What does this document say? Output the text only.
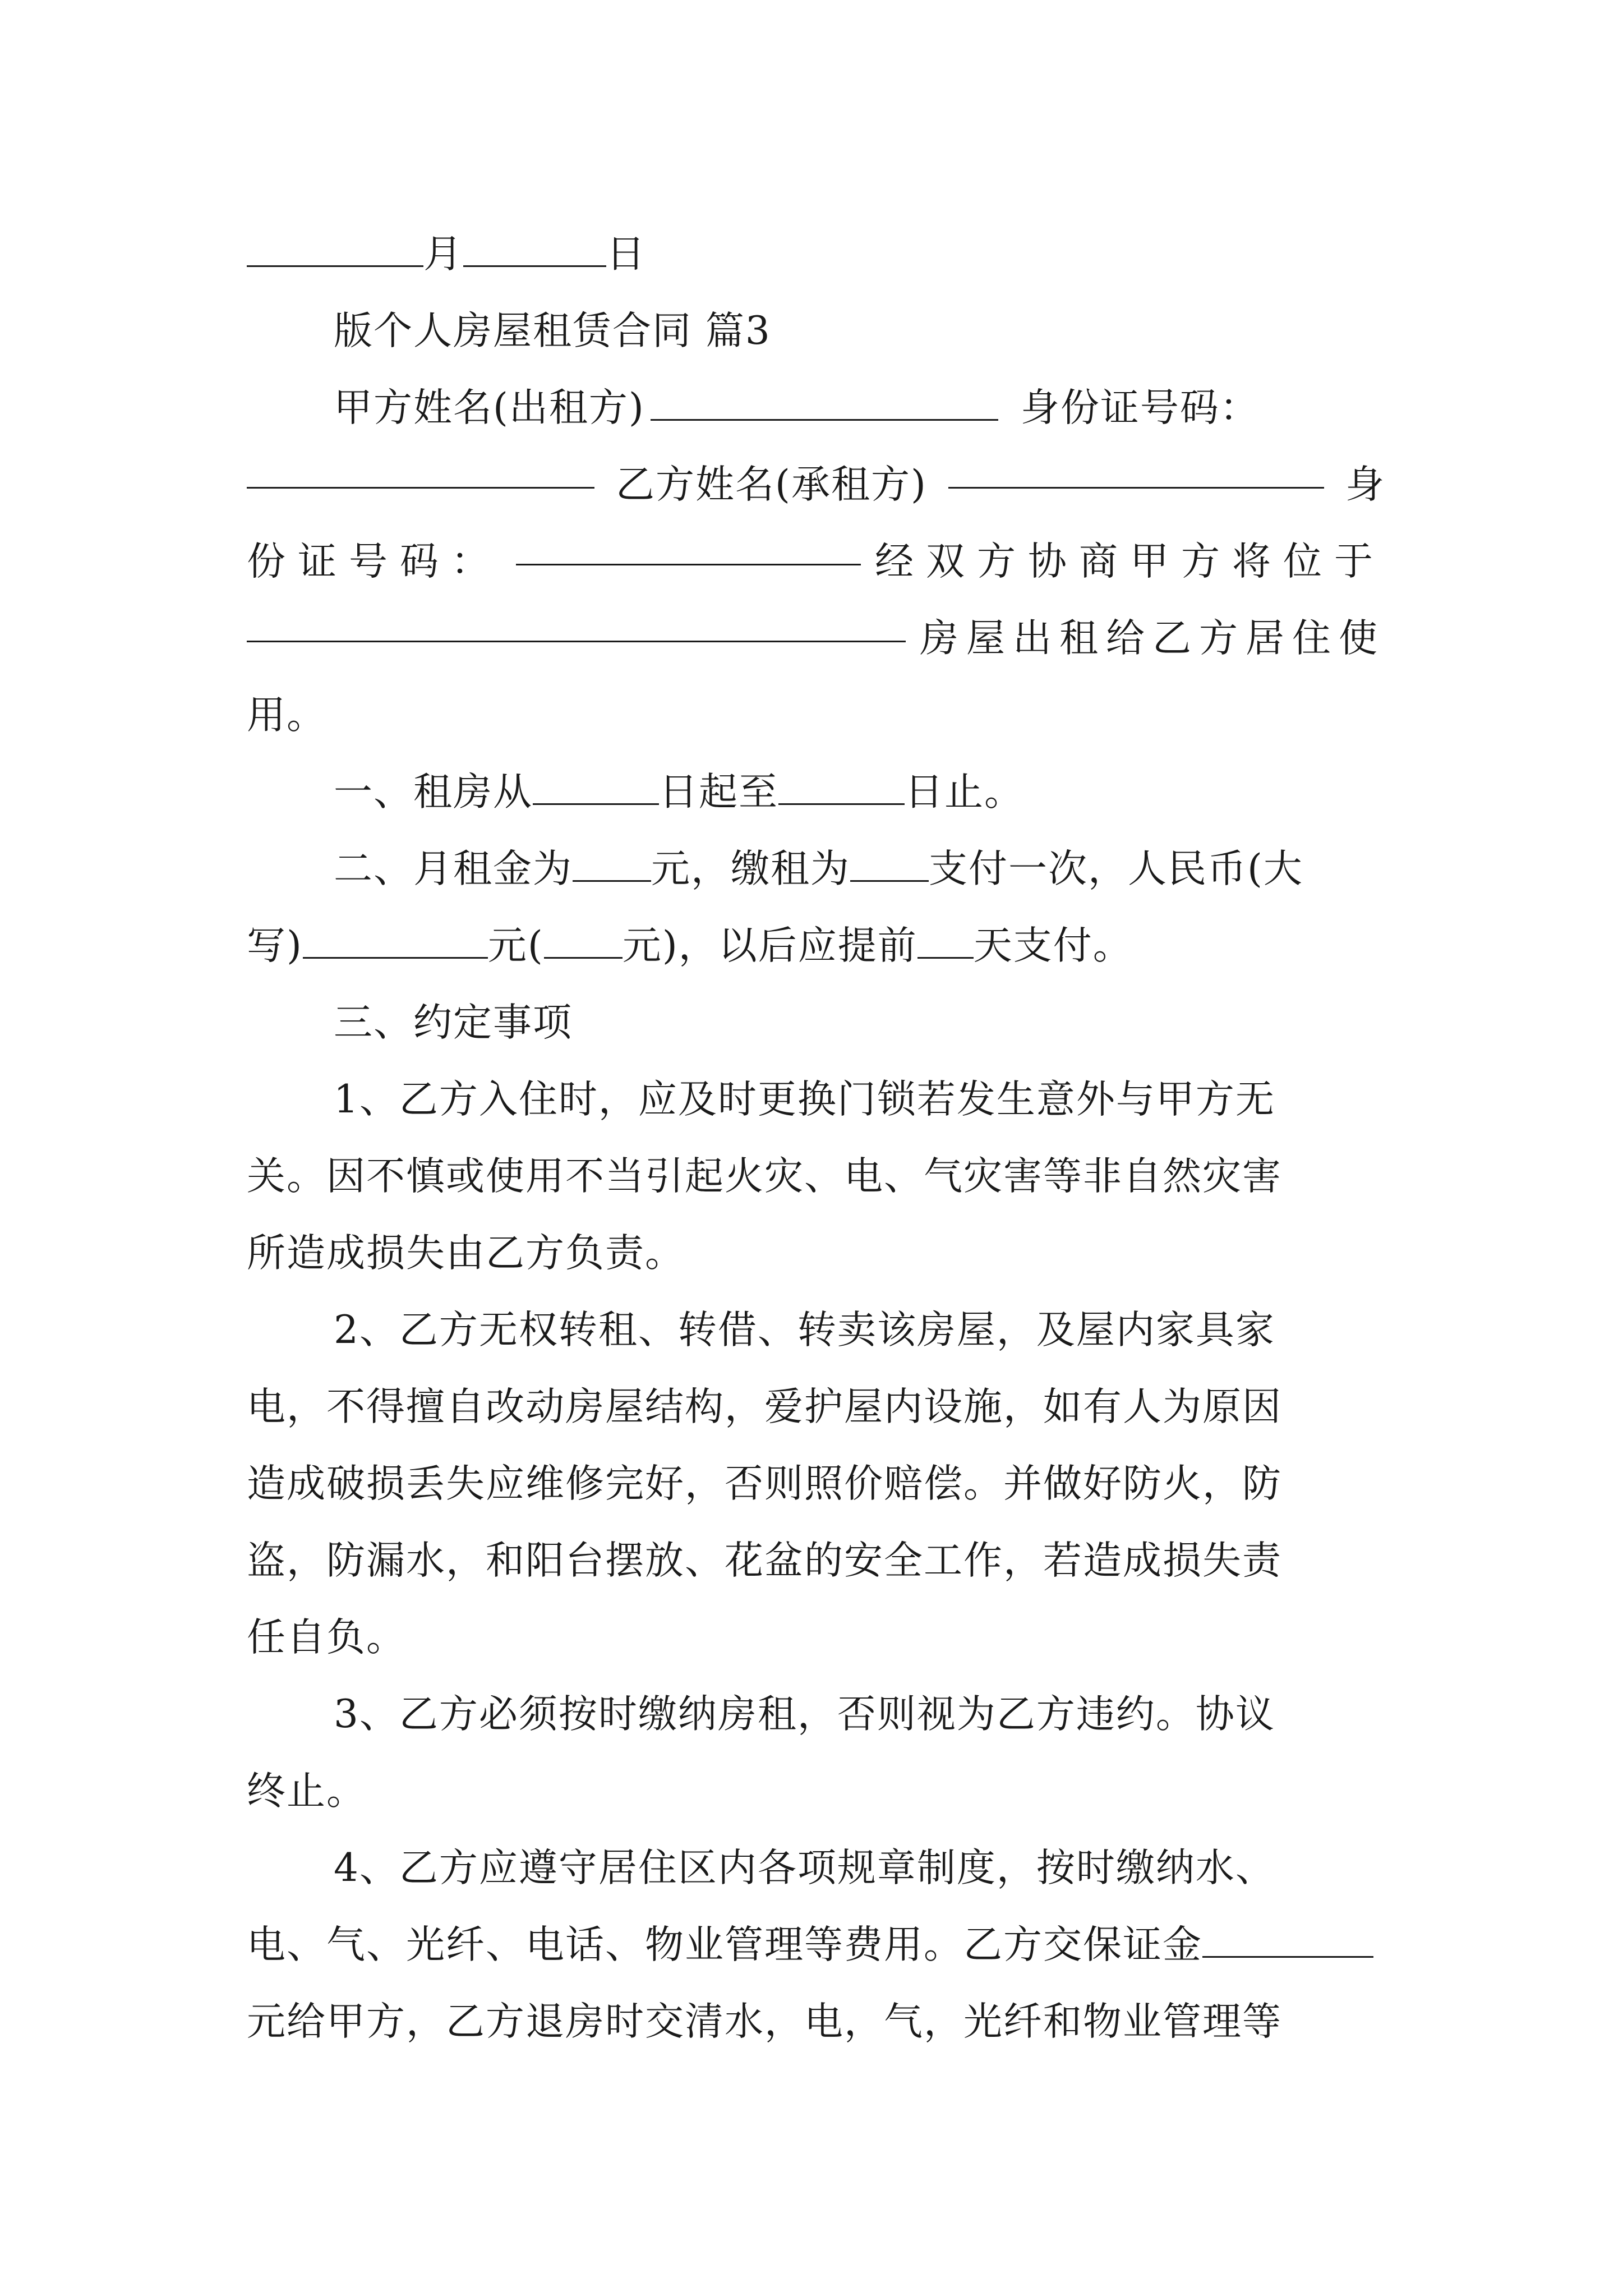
月	日
版个人房屋租赁合同 篇3
甲方姓名(出租方)	身份证号码：
乙方姓名(承租方)	身
份证号码：	经双方协商甲方将位于
房屋出租给乙方居住使
用。
一、租房从	日起至	日止。
二、月租金为 元，缴租为 支付一次，人民币(大
写)	元( 元)，以后应提前 天支付。
三、约定事项
1、乙方入住时，应及时更换门锁若发生意外与甲方无
关。因不慎或使用不当引起火灾、电、气灾害等非自然灾害
所造成损失由乙方负责。
2、乙方无权转租、转借、转卖该房屋，及屋内家具家
电，不得擅自改动房屋结构，爱护屋内设施，如有人为原因
造成破损丢失应维修完好，否则照价赔偿。并做好防火，防
盗，防漏水，和阳台摆放、花盆的安全工作，若造成损失责
任自负。
3、乙方必须按时缴纳房租，否则视为乙方违约。协议
终止。
4、乙方应遵守居住区内各项规章制度，按时缴纳水、
电、气、光纤、电话、物业管理等费用。乙方交保证金
元给甲方，乙方退房时交清水，电，气，光纤和物业管理等
